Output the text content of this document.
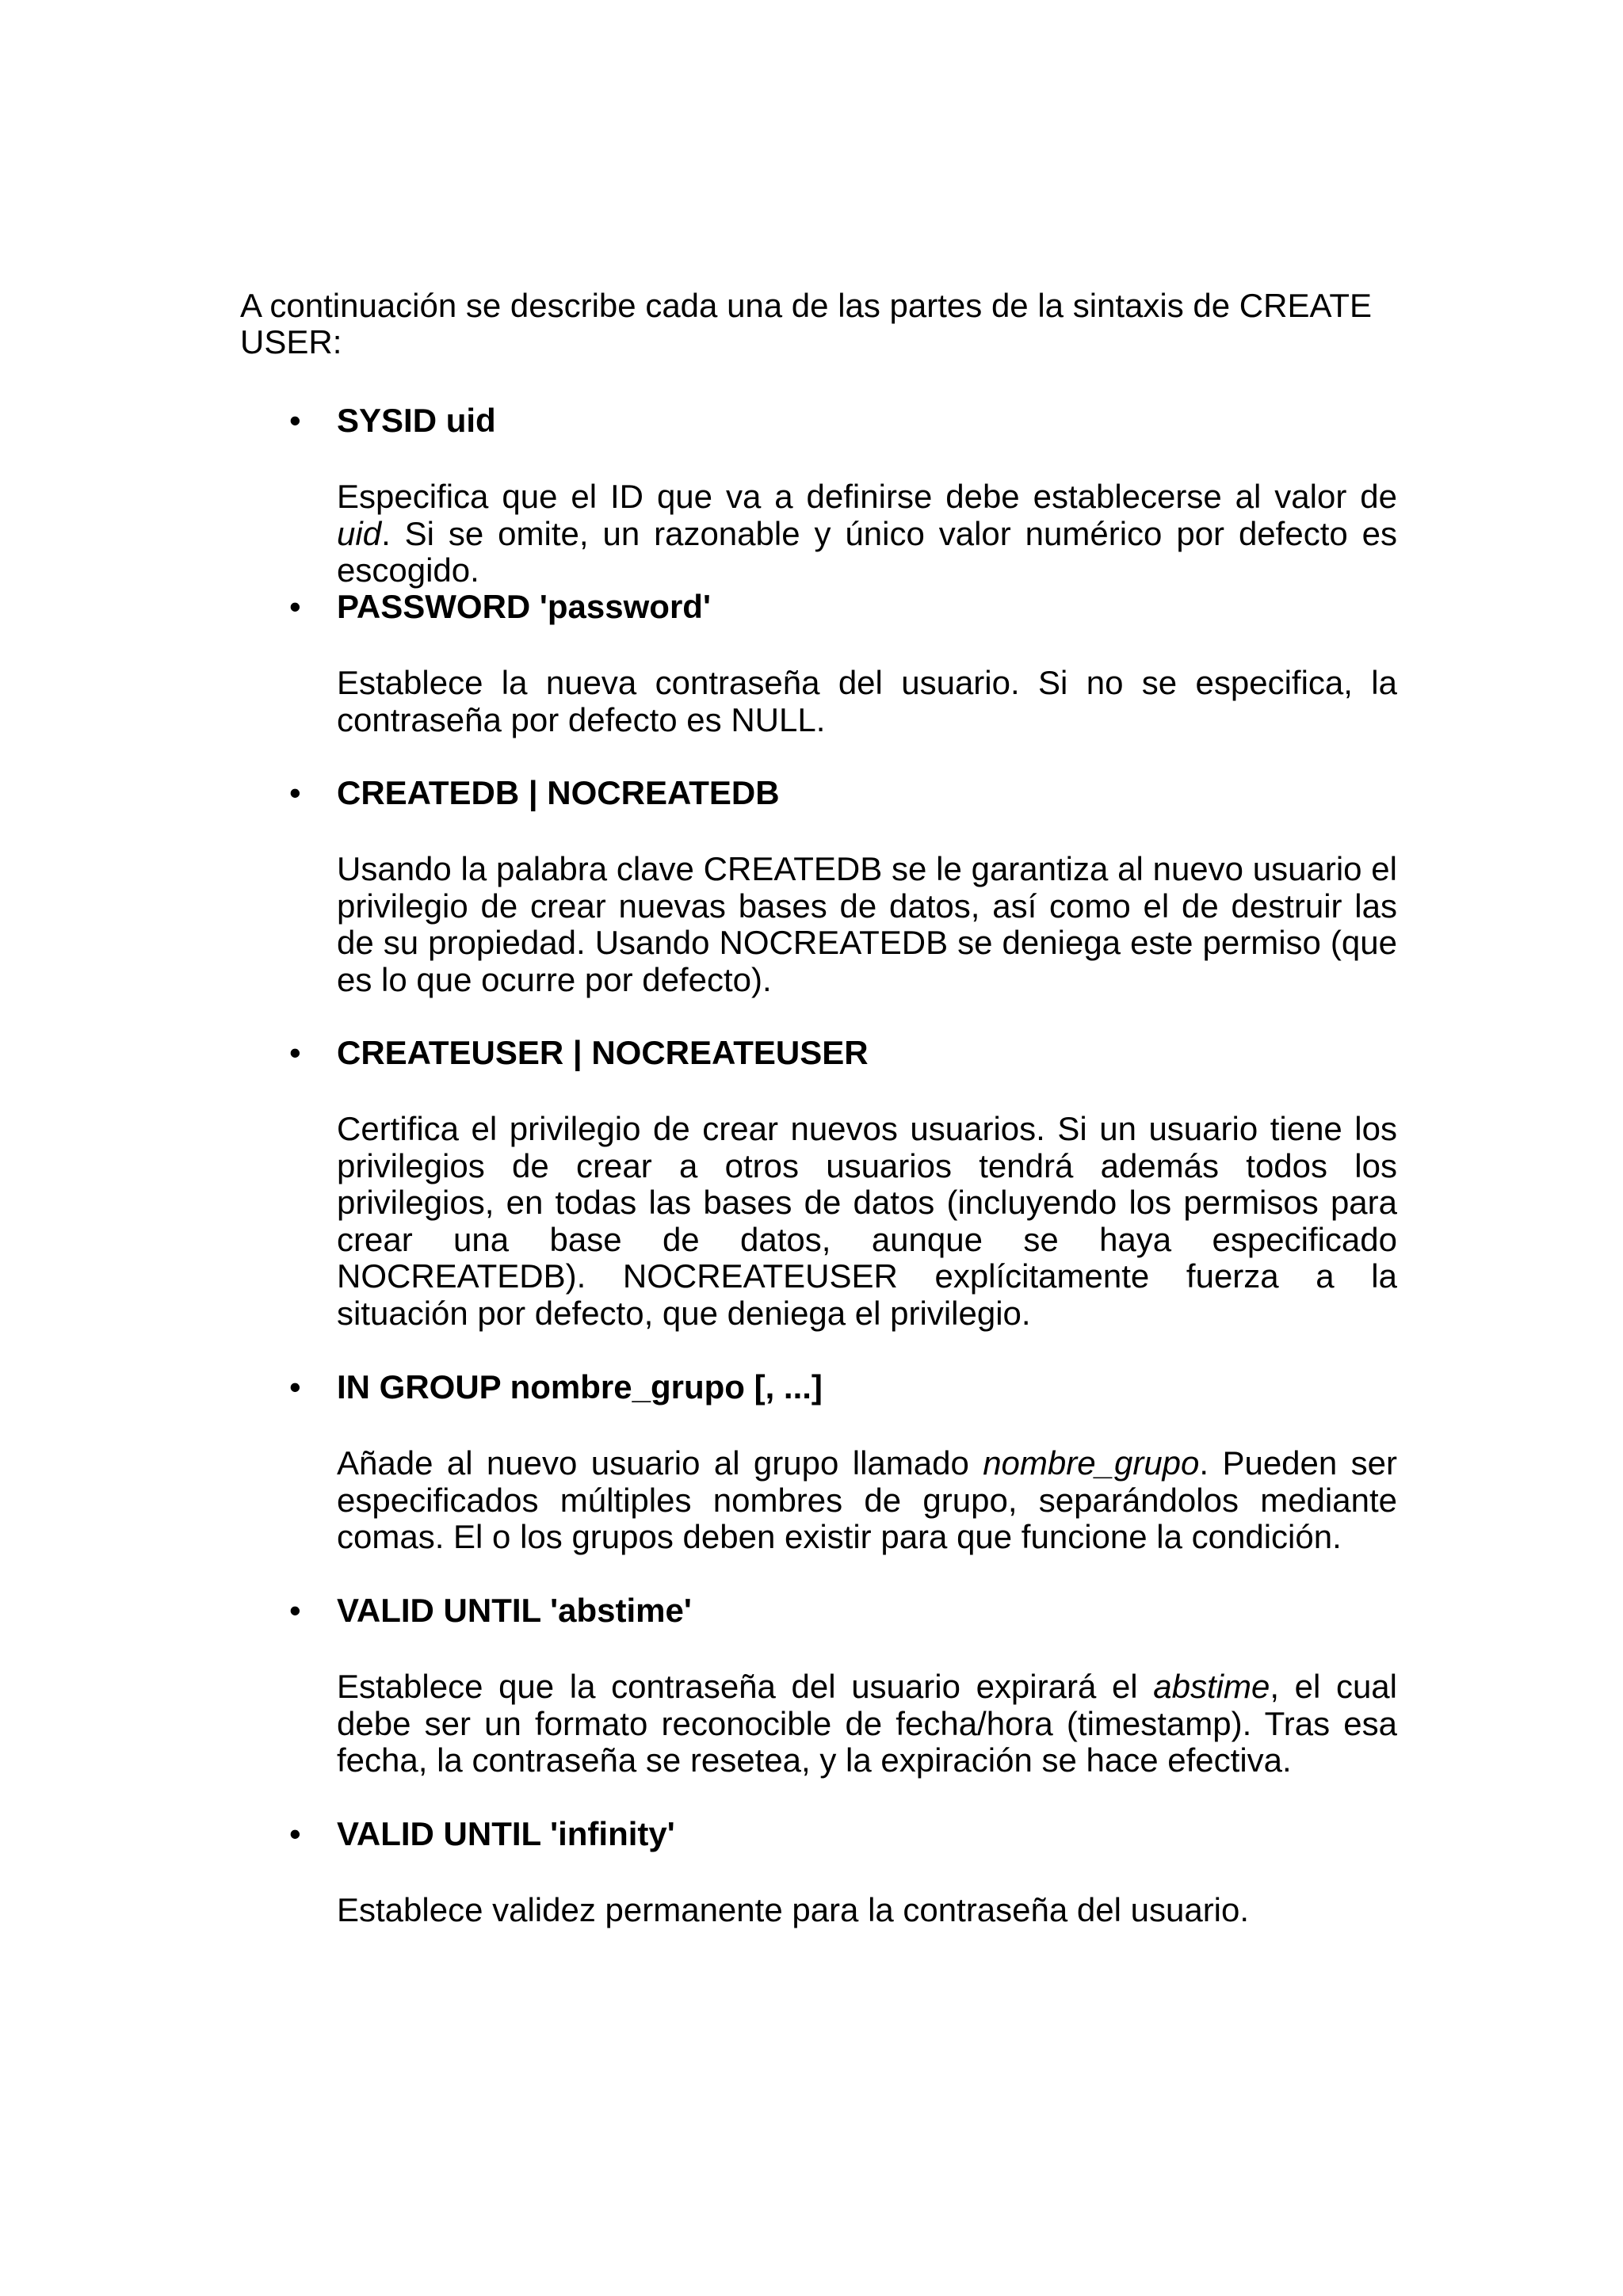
A continuación se describe cada una de las partes de la sintaxis de CREATE USER:

• SYSID uid

Especifica que el ID que va a definirse debe establecerse al valor de uid. Si se omite, un razonable y único valor numérico por defecto es escogido.

• PASSWORD 'password'

Establece la nueva contraseña del usuario. Si no se especifica, la contraseña por defecto es NULL.

• CREATEDB | NOCREATEDB

Usando la palabra clave CREATEDB se le garantiza al nuevo usuario el privilegio de crear nuevas bases de datos, así como el de destruir las de su propiedad. Usando NOCREATEDB se deniega este permiso (que es lo que ocurre por defecto).

• CREATEUSER | NOCREATEUSER

Certifica el privilegio de crear nuevos usuarios. Si un usuario tiene los privilegios de crear a otros usuarios tendrá además todos los privilegios, en todas las bases de datos (incluyendo los permisos para crear una base de datos, aunque se haya especificado NOCREATEDB). NOCREATEUSER explícitamente fuerza a la situación por defecto, que deniega el privilegio.

• IN GROUP nombre_grupo [, ...]

Añade al nuevo usuario al grupo llamado nombre_grupo. Pueden ser especificados múltiples nombres de grupo, separándolos mediante comas. El o los grupos deben existir para que funcione la condición.

• VALID UNTIL 'abstime'

Establece que la contraseña del usuario expirará el abstime, el cual debe ser un formato reconocible de fecha/hora (timestamp). Tras esa fecha, la contraseña se resetea, y la expiración se hace efectiva.

• VALID UNTIL 'infinity'

Establece validez permanente para la contraseña del usuario.
